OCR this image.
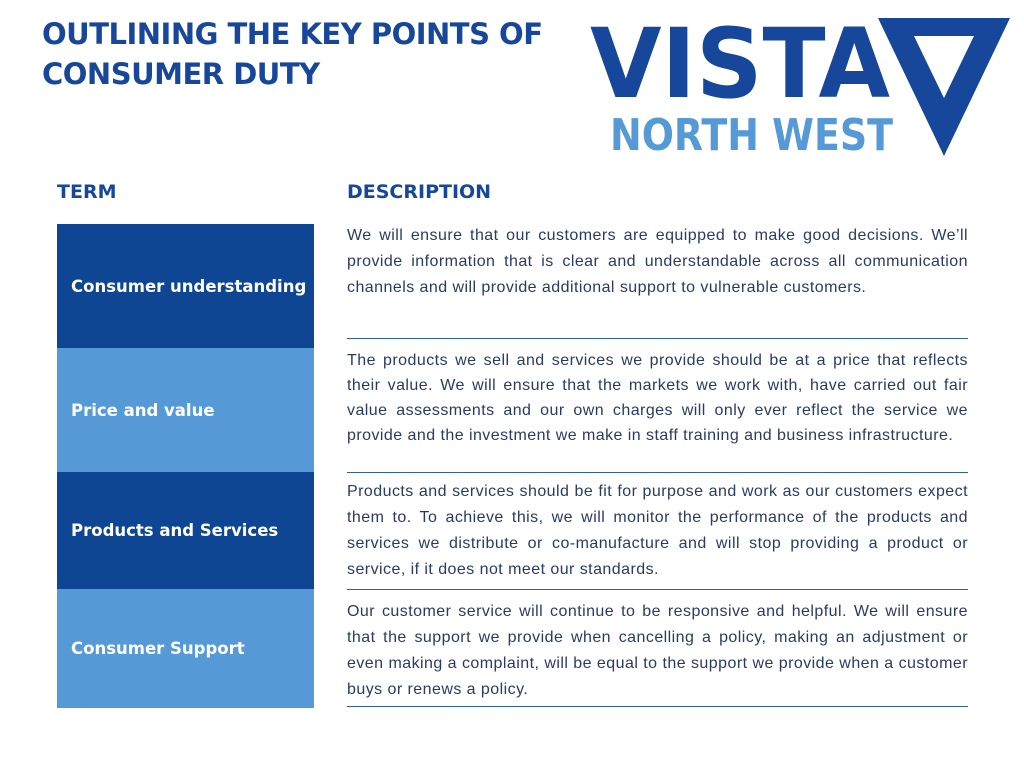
OUTLINING THE KEY POINTS OF
CONSUMER DUTY	VISTA
NORTH WEST
TERM	DESCRIPTION
Consumer understanding

We will ensure that our customers are equipped to make good decisions. We’ll provide information that is clear and understandable across all communication channels and will provide additional support to vulnerable customers.

Price and value

The products we sell and services we provide should be at a price that reflects their value. We will ensure that the markets we work with, have carried out fair value assessments and our own charges will only ever reflect the service we provide and the investment we make in staff training and business infrastructure.

Products and Services

Products and services should be fit for purpose and work as our customers expect them to. To achieve this, we will monitor the performance of the products and services we distribute or co-manufacture and will stop providing a product or service, if it does not meet our standards.

Consumer Support

Our customer service will continue to be responsive and helpful. We will ensure that the support we provide when cancelling a policy, making an adjustment or even making a complaint, will be equal to the support we provide when a customer buys or renews a policy.
